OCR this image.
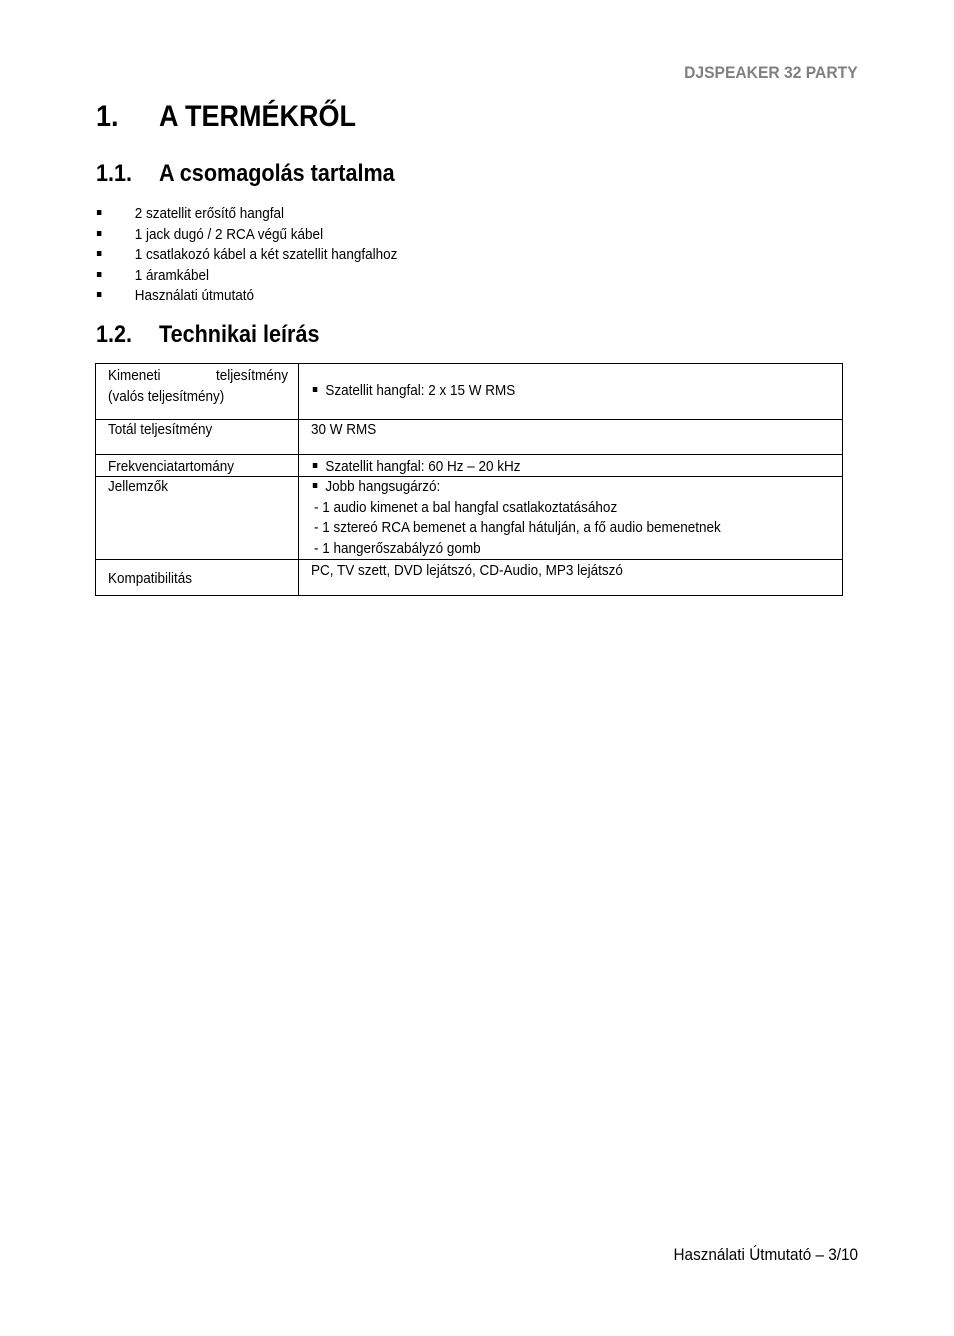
DJSPEAKER 32 PARTY
1. A TERMÉKRŐL
1.1. A csomagolás tartalma
2 szatellit erősítő hangfal
1 jack dugó / 2 RCA végű kábel
1 csatlakozó kábel a két szatellit hangfalhoz
1 áramkábel
Használati útmutató
1.2. Technikai leírás
Kimeneti teljesítmény
(valós teljesítmény)	Szatellit hangfal: 2 x 15 W RMS
Totál teljesítmény	30 W RMS
Frekvenciatartomány	Szatellit hangfal: 60 Hz – 20 kHz
Jellemzők	Jobb hangsugárzó:
- 1 audio kimenet a bal hangfal csatlakoztatásához
- 1 sztereó RCA bemenet a hangfal hátulján, a fő audio bemenetnek
- 1 hangerőszabályzó gomb
Kompatibilitás	PC, TV szett, DVD lejátszó, CD-Audio, MP3 lejátszó
Használati Útmutató – 3/10
